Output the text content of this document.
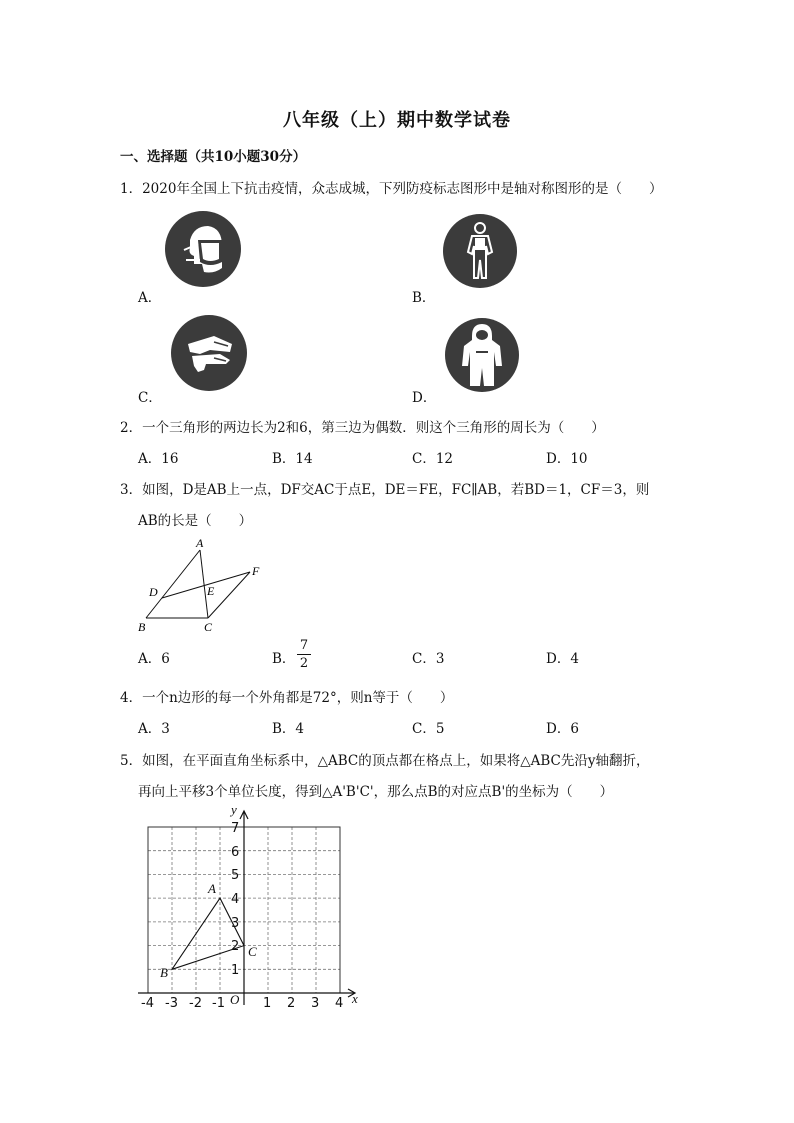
八年级（上）期中数学试卷
一、选择题（共10小题30分）
1．2020年全国上下抗击疫情，众志成城，下列防疫标志图形中是轴对称图形的是（　　）
A．	B．
C．	D．
2．一个三角形的两边长为2和6，第三边为偶数．则这个三角形的周长为（　　）
A．16	B．14	C．12	D．10
3．如图，D是AB上一点，DF交AC于点E，DE＝FE，FC∥AB，若BD＝1，CF＝3，则
AB的长是（　　）
A
D	E
F
B	C
A．6	B．
7
2	C．3	D．4
4．一个n边形的每一个外角都是72°，则n等于（　　）
A．3	B．4	C．5	D．6
5．如图，在平面直角坐标系中，△ABC的顶点都在格点上，如果将△ABC先沿y轴翻折，
再向上平移3个单位长度，得到△A'B'C'，那么点B的对应点B'的坐标为（　　）
-4 -3 -2 -1	1 2 3 4
1
2
3
4
5
6
7
O	x
y
A
B
C
